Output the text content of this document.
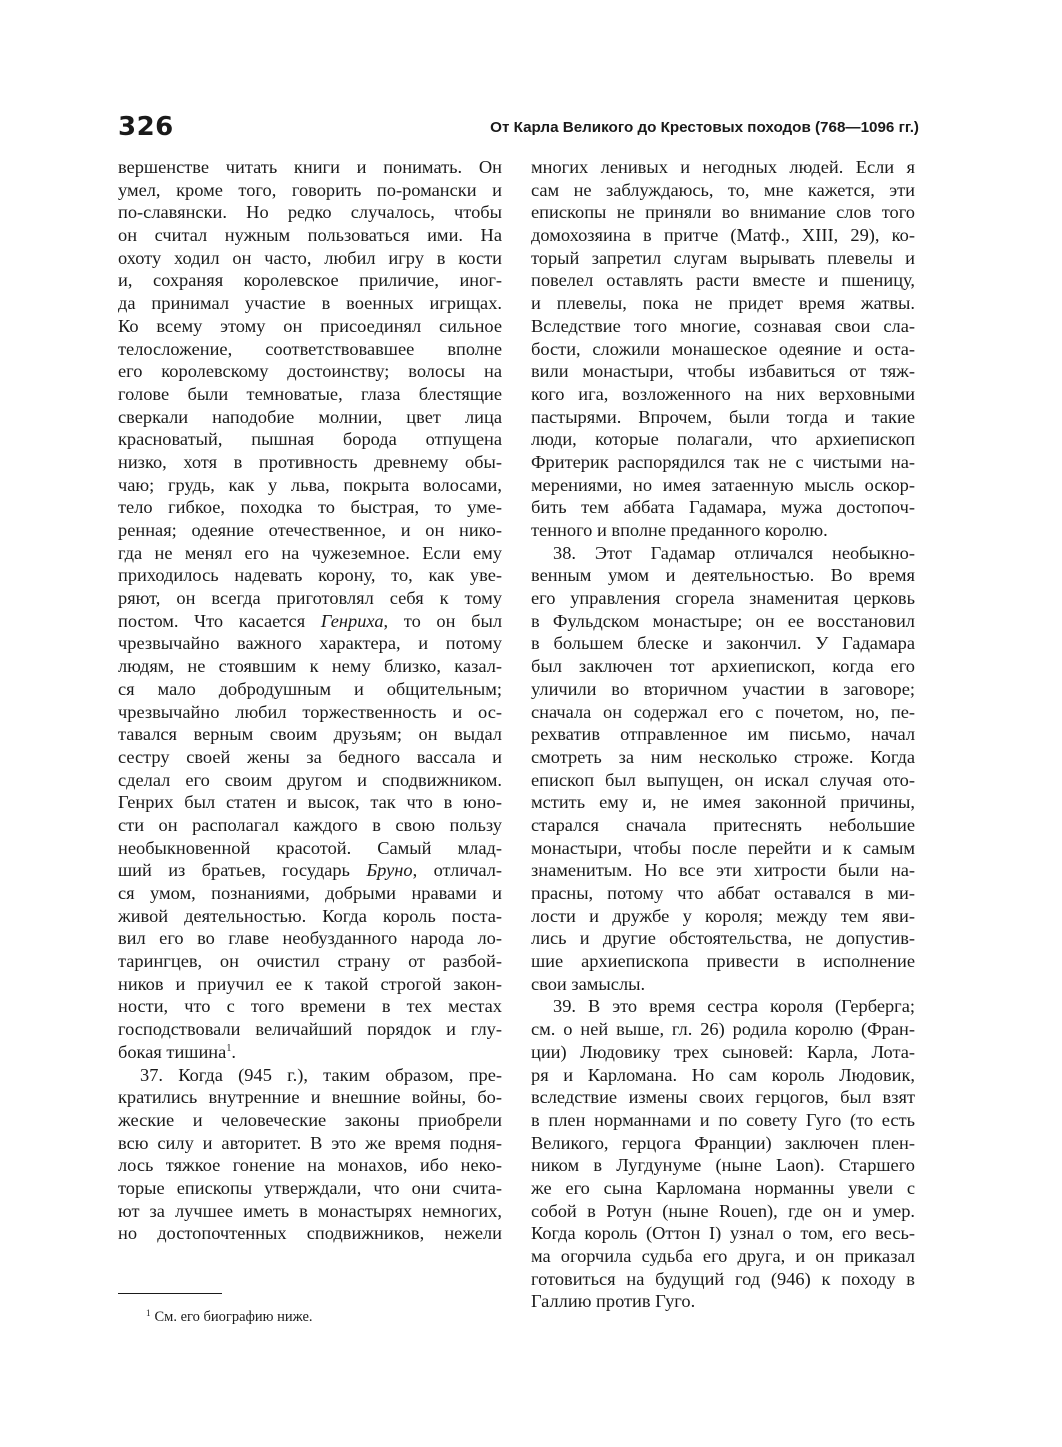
326	От Карла Великого до Крестовых походов (768—1096 гг.)
вершенстве читать книги и понимать. Он
умел, кроме того, говорить по-романски и
по-славянски. Но редко случалось, чтобы
он считал нужным пользоваться ими. На
охоту ходил он часто, любил игру в кости
и, сохраняя королевское приличие, иног-
да принимал участие в военных игрищах.
Ко всему этому он присоединял сильное
телосложение, соответствовавшее вполне
его королевскому достоинству; волосы на
голове были темноватые, глаза блестящие
сверкали наподобие молнии, цвет лица
красноватый, пышная борода отпущена
низко, хотя в противность древнему обы-
чаю; грудь, как у льва, покрыта волосами,
тело гибкое, походка то быстрая, то уме-
ренная; одеяние отечественное, и он нико-
гда не менял его на чужеземное. Если ему
приходилось надевать корону, то, как уве-
ряют, он всегда приготовлял себя к тому
постом. Что касается Генриха, то он был
чрезвычайно важного характера, и потому
людям, не стоявшим к нему близко, казал-
ся мало добродушным и общительным;
чрезвычайно любил торжественность и ос-
тавался верным своим друзьям; он выдал
сестру своей жены за бедного вассала и
сделал его своим другом и сподвижником.
Генрих был статен и высок, так что в юно-
сти он располагал каждого в свою пользу
необыкновенной красотой. Самый млад-
ший из братьев, государь Бруно, отличал-
ся умом, познаниями, добрыми нравами и
живой деятельностью. Когда король поста-
вил его во главе необузданного народа ло-
тарингцев, он очистил страну от разбой-
ников и приучил ее к такой строгой закон-
ности, что с того времени в тех местах
господствовали величайший порядок и глу-
бокая тишина$^1$.
37. Когда (945 г.), таким образом, пре-
кратились внутренние и внешние войны, бо-
жеские и человеческие законы приобрели
всю силу и авторитет. В это же время подня-
лось тяжкое гонение на монахов, ибо неко-
торые епископы утверждали, что они счита-
ют за лучшее иметь в монастырях немногих,
но достопочтенных сподвижников, нежели
многих ленивых и негодных людей. Если я
сам не заблуждаюсь, то, мне кажется, эти
епископы не приняли во внимание слов того
домохозяина в притче (Матф., XIII, 29), ко-
торый запретил слугам вырывать плевелы и
повелел оставлять расти вместе и пшеницу,
и плевелы, пока не придет время жатвы.
Вследствие того многие, сознавая свои сла-
бости, сложили монашеское одеяние и оста-
вили монастыри, чтобы избавиться от тяж-
кого ига, возложенного на них верховными
пастырями. Впрочем, были тогда и такие
люди, которые полагали, что архиепископ
Фритерик распорядился так не с чистыми на-
мерениями, но имея затаенную мысль оскор-
бить тем аббата Гадамара, мужа достопоч-
тенного и вполне преданного королю.
38. Этот Гадамар отличался необыкно-
венным умом и деятельностью. Во время
его управления сгорела знаменитая церковь
в Фульдском монастыре; он ее восстановил
в большем блеске и закончил. У Гадамара
был заключен тот архиепископ, когда его
уличили во вторичном участии в заговоре;
сначала он содержал его с почетом, но, пе-
рехватив отправленное им письмо, начал
смотреть за ним несколько строже. Когда
епископ был выпущен, он искал случая ото-
мстить ему и, не имея законной причины,
старался сначала притеснять небольшие
монастыри, чтобы после перейти и к самым
знаменитым. Но все эти хитрости были на-
прасны, потому что аббат оставался в ми-
лости и дружбе у короля; между тем яви-
лись и другие обстоятельства, не допустив-
шие архиепископа привести в исполнение
свои замыслы.
39. В это время сестра короля (Герберга;
см. о ней выше, гл. 26) родила королю (Фран-
ции) Людовику трех сыновей: Карла, Лота-
ря и Карломана. Но сам король Людовик,
вследствие измены своих герцогов, был взят
в плен норманнами и по совету Гуго (то есть
Великого, герцога Франции) заключен плен-
ником в Лугдунуме (ныне Laon). Старшего
же его сына Карломана норманны увели с
собой в Ротун (ныне Rouen), где он и умер.
Когда король (Оттон I) узнал о том, его весь-
ма огорчила судьба его друга, и он приказал
готовиться на будущий год (946) к походу в
Галлию против Гуго.
$^1$ См. его биографию ниже.
